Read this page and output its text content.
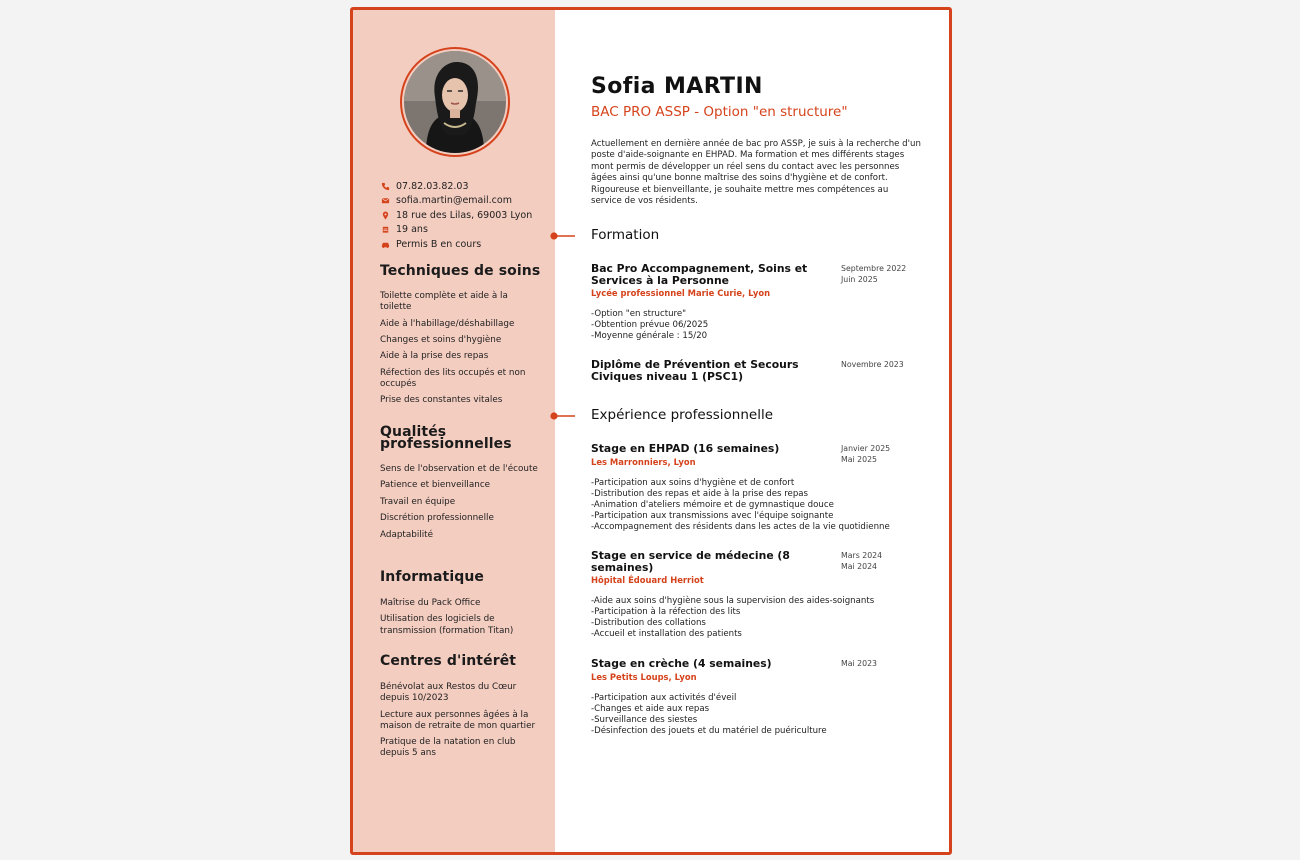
07.82.03.82.03
sofia.martin@email.com
18 rue des Lilas, 69003 Lyon
19 ans
Permis B en cours
Techniques de soins
Toilette complète et aide à la toilette
Aide à l'habillage/déshabillage
Changes et soins d'hygiène
Aide à la prise des repas
Réfection des lits occupés et non occupés
Prise des constantes vitales
Qualités professionnelles
Sens de l'observation et de l'écoute
Patience et bienveillance
Travail en équipe
Discrétion professionnelle
Adaptabilité
Informatique
Maîtrise du Pack Office
Utilisation des logiciels de transmission (formation Titan)
Centres d'intérêt
Bénévolat aux Restos du Cœur depuis 10/2023
Lecture aux personnes âgées à la maison de retraite de mon quartier
Pratique de la natation en club depuis 5 ans
Sofia MARTIN
BAC PRO ASSP - Option "en structure"
Actuellement en dernière année de bac pro ASSP, je suis à la recherche d'un poste d'aide-soignante en EHPAD. Ma formation et mes différents stages mont permis de développer un réel sens du contact avec les personnes âgées ainsi qu'une bonne maîtrise des soins d'hygiène et de confort. Rigoureuse et bienveillante, je souhaite mettre mes compétences au service de vos résidents.
Formation
Bac Pro Accompagnement, Soins et Services à la Personne
Lycée professionnel Marie Curie, Lyon
Septembre 2022
Juin 2025
-Option "en structure"
-Obtention prévue 06/2025
-Moyenne générale : 15/20
Diplôme de Prévention et Secours Civiques niveau 1 (PSC1)
Novembre 2023
Expérience professionnelle
Stage en EHPAD (16 semaines)
Les Marronniers, Lyon
Janvier 2025
Mai 2025
-Participation aux soins d'hygiène et de confort
-Distribution des repas et aide à la prise des repas
-Animation d'ateliers mémoire et de gymnastique douce
-Participation aux transmissions avec l'équipe soignante
-Accompagnement des résidents dans les actes de la vie quotidienne
Stage en service de médecine (8 semaines)
Hôpital Édouard Herriot
Mars 2024
Mai 2024
-Aide aux soins d'hygiène sous la supervision des aides-soignants
-Participation à la réfection des lits
-Distribution des collations
-Accueil et installation des patients
Stage en crèche (4 semaines)
Les Petits Loups, Lyon
Mai 2023
-Participation aux activités d'éveil
-Changes et aide aux repas
-Surveillance des siestes
-Désinfection des jouets et du matériel de puériculture
